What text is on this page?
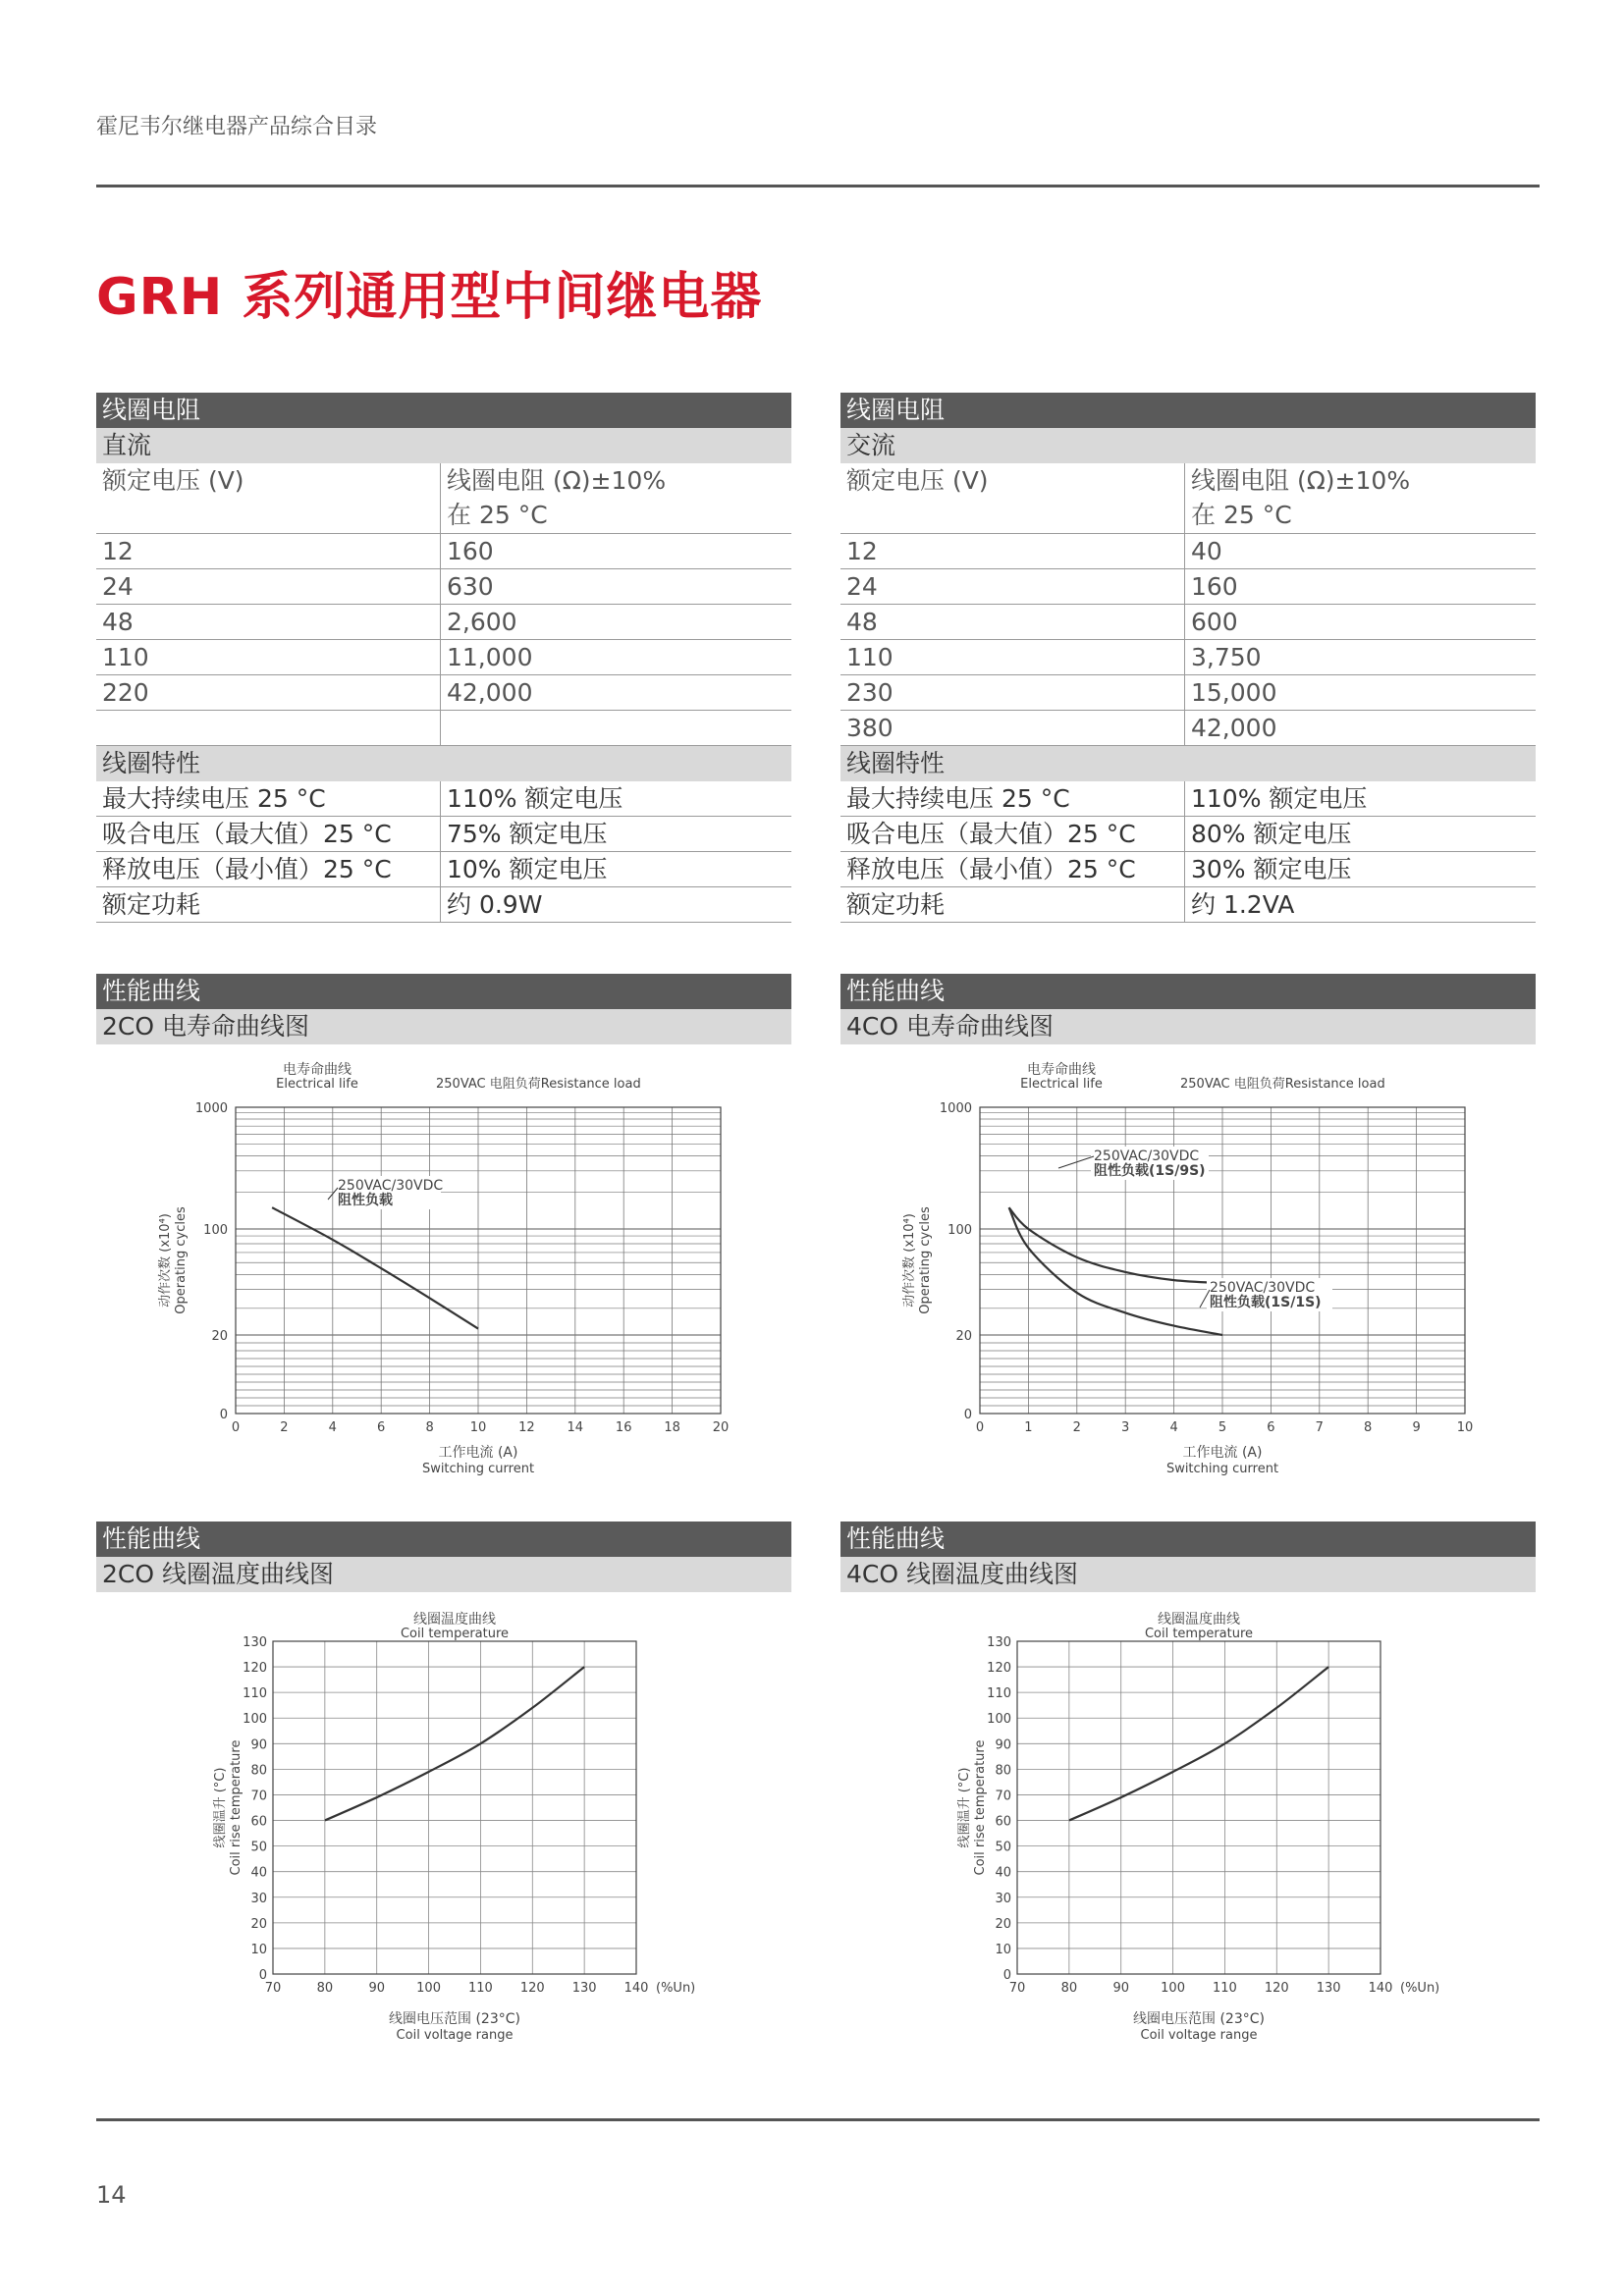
霍尼韦尔继电器产品综合目录
GRH 系列通用型中间继电器
线圈电阻
直流
额定电压 (V)	线圈电阻 (Ω)±10%
在 25 °C

12	160
24	630
48	2,600
110	11,000
220	42,000

线圈特性	
最大持续电压 25 °C	110% 额定电压
吸合电压（最大值）25 °C	75% 额定电压
释放电压（最小值）25 °C	10% 额定电压
额定功耗	约 0.9W
线圈电阻
交流
额定电压 (V)	线圈电阻 (Ω)±10%
在 25 °C

12	40
24	160
48	600
110	3,750
230	15,000
380	42,000
线圈特性	
最大持续电压 25 °C	110% 额定电压
吸合电压（最大值）25 °C	80% 额定电压
释放电压（最小值）25 °C	30% 额定电压
额定功耗	约 1.2VA
性能曲线
2CO 电寿命曲线图
电寿命曲线
Electrical life	250VAC 电阻负荷Resistance load
0	2	4	6	8	10	12	14	16	18	20
0
20
100
1000
动作次数 (x10⁴) Operating cycles
工作电流 (A)
Switching current
250VAC/30VDC
阻性负载
性能曲线
4CO 电寿命曲线图
电寿命曲线
Electrical life	250VAC 电阻负荷Resistance load
0	1	2	3	4	5	6	7	8	9	10
0
20
100
1000
动作次数 (x10⁴) Operating cycles
工作电流 (A)
Switching current
250VAC/30VDC
阻性负载(1S/9S)
250VAC/30VDC
阻性负载(1S/1S)
性能曲线
2CO 线圈温度曲线图
线圈温度曲线
Coil temperature
0
10
20
30
40
50
60
70
80
90
100
110
120
130
70	80	90 100 110 120 130 140 (%Un)
线圈温升 (°C) Coil rise temperature
线圈电压范围 (23°C)
Coil voltage range
性能曲线
4CO 线圈温度曲线图
线圈温度曲线
Coil temperature
0
10
20
30
40
50
60
70
80
90
100
110
120
130
70	80	90 100 110 120 130 140 (%Un)
线圈温升 (°C) Coil rise temperature
线圈电压范围 (23°C)
Coil voltage range
14
